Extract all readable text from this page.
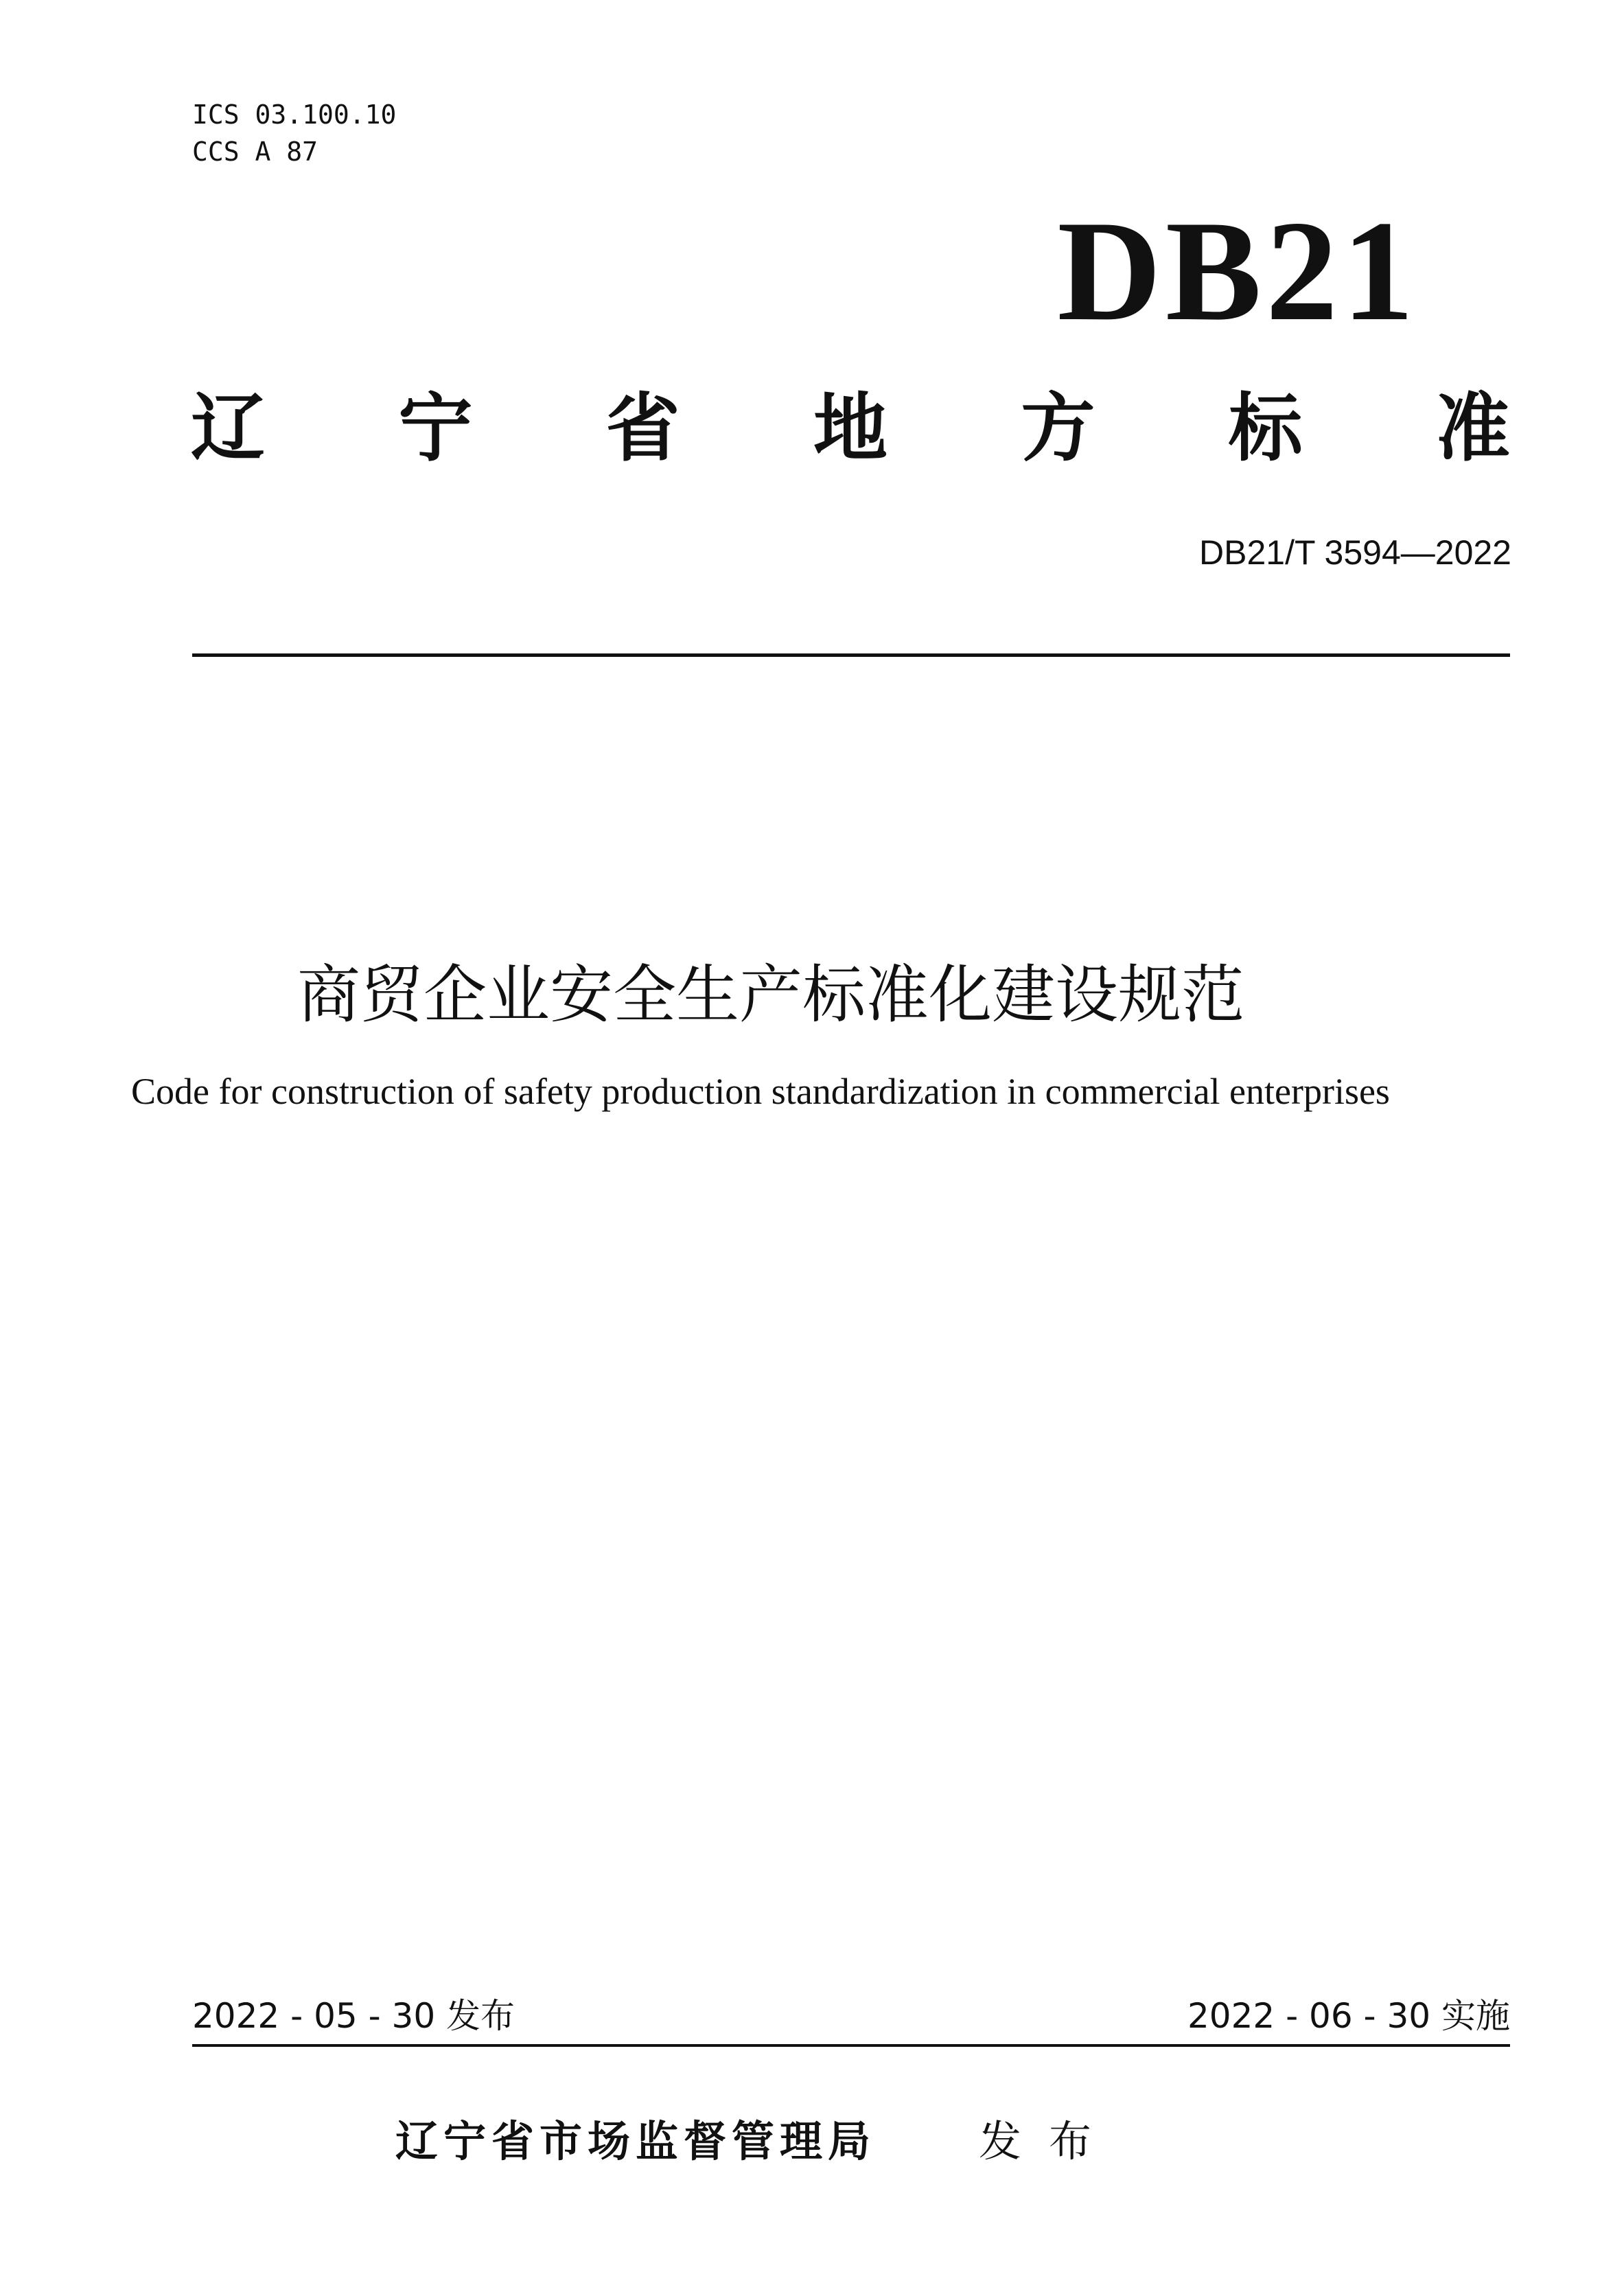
ICS 03.100.10
CCS A 87
DB21
辽 宁 省 地 方 标 准
DB21/T 3594—2022
商贸企业安全生产标准化建设规范
Code for construction of safety production standardization in commercial enterprises
2022 - 05 - 30 发布	2022 - 06 - 30 实施
辽宁省市场监督管理局 发布
